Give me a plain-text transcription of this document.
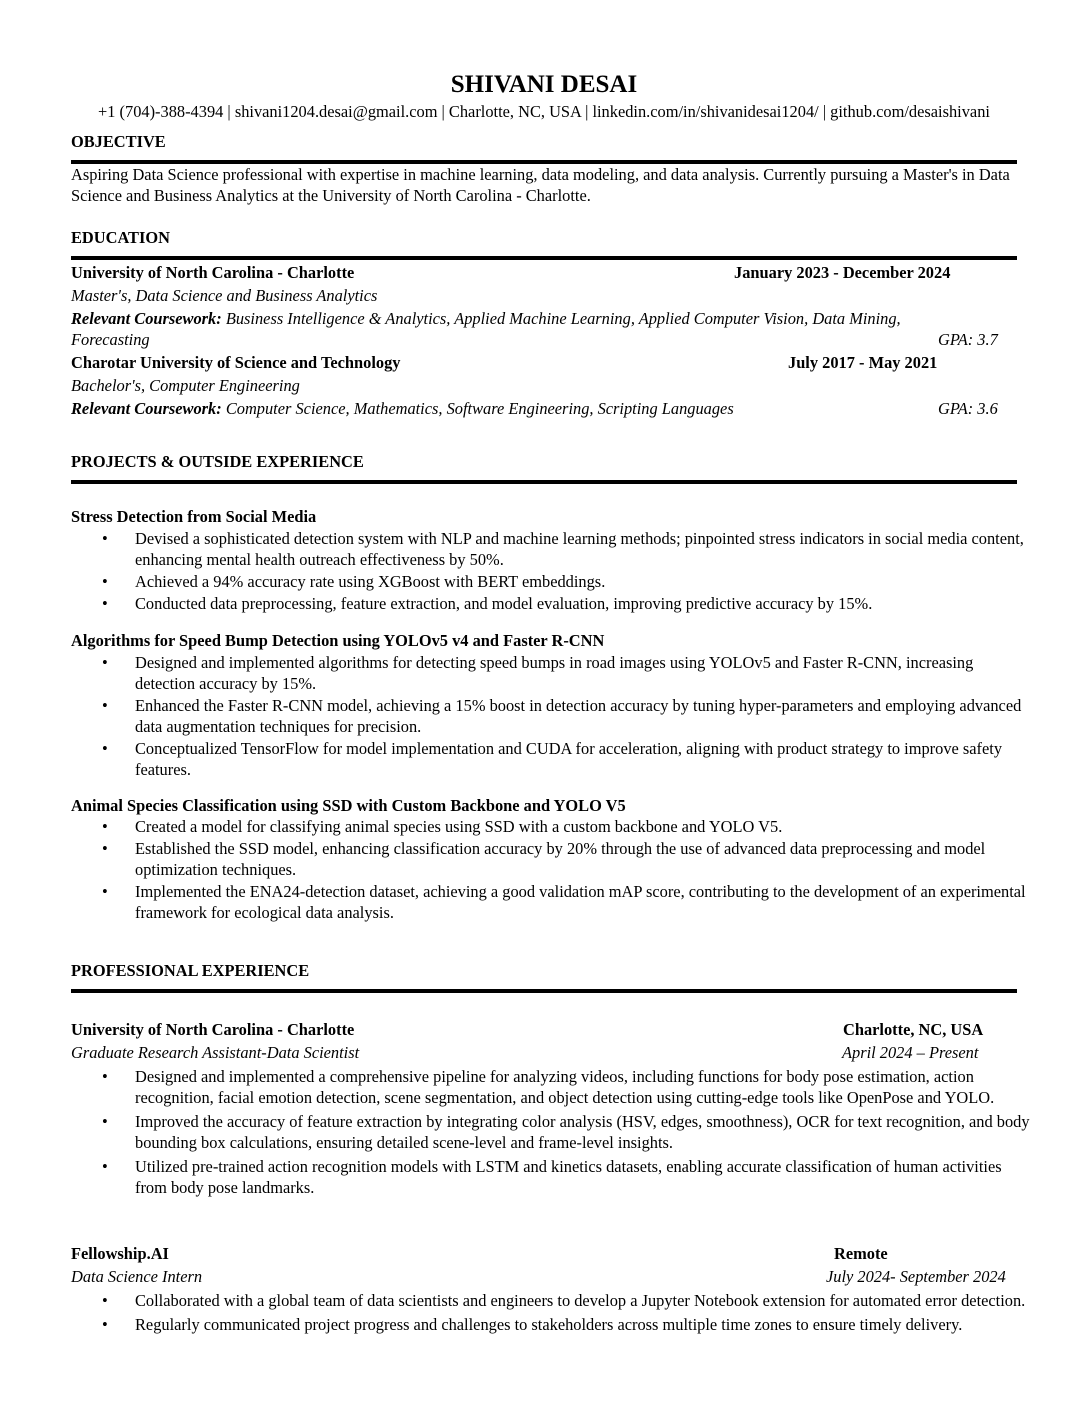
SHIVANI DESAI
+1 (704)-388-4394 | shivani1204.desai@gmail.com | Charlotte, NC, USA | linkedin.com/in/shivanidesai1204/ | github.com/desaishivani
OBJECTIVE
Aspiring Data Science professional with expertise in machine learning, data modeling, and data analysis. Currently pursuing a Master's in Data Science and Business Analytics at the University of North Carolina - Charlotte.
EDUCATION
University of North Carolina - Charlotte	January 2023 - December 2024
Master's, Data Science and Business Analytics
Relevant Coursework: Business Intelligence & Analytics, Applied Machine Learning, Applied Computer Vision, Data Mining,
Forecasting	GPA: 3.7
Charotar University of Science and Technology	July 2017 - May 2021
Bachelor's, Computer Engineering
Relevant Coursework: Computer Science, Mathematics, Software Engineering, Scripting Languages	GPA: 3.6
PROJECTS & OUTSIDE EXPERIENCE
Stress Detection from Social Media
• Devised a sophisticated detection system with NLP and machine learning methods; pinpointed stress indicators in social media content, enhancing mental health outreach effectiveness by 50%.
• Achieved a 94% accuracy rate using XGBoost with BERT embeddings.
• Conducted data preprocessing, feature extraction, and model evaluation, improving predictive accuracy by 15%.
Algorithms for Speed Bump Detection using YOLOv5 v4 and Faster R-CNN
• Designed and implemented algorithms for detecting speed bumps in road images using YOLOv5 and Faster R-CNN, increasing detection accuracy by 15%.
• Enhanced the Faster R-CNN model, achieving a 15% boost in detection accuracy by tuning hyper-parameters and employing advanced data augmentation techniques for precision.
• Conceptualized TensorFlow for model implementation and CUDA for acceleration, aligning with product strategy to improve safety features.
Animal Species Classification using SSD with Custom Backbone and YOLO V5
• Created a model for classifying animal species using SSD with a custom backbone and YOLO V5.
• Established the SSD model, enhancing classification accuracy by 20% through the use of advanced data preprocessing and model optimization techniques.
• Implemented the ENA24-detection dataset, achieving a good validation mAP score, contributing to the development of an experimental framework for ecological data analysis.
PROFESSIONAL EXPERIENCE
University of North Carolina - Charlotte	Charlotte, NC, USA
Graduate Research Assistant-Data Scientist	April 2024 – Present
• Designed and implemented a comprehensive pipeline for analyzing videos, including functions for body pose estimation, action recognition, facial emotion detection, scene segmentation, and object detection using cutting-edge tools like OpenPose and YOLO.
• Improved the accuracy of feature extraction by integrating color analysis (HSV, edges, smoothness), OCR for text recognition, and body bounding box calculations, ensuring detailed scene-level and frame-level insights.
• Utilized pre-trained action recognition models with LSTM and kinetics datasets, enabling accurate classification of human activities from body pose landmarks.
Fellowship.AI	Remote
Data Science Intern	July 2024- September 2024
• Collaborated with a global team of data scientists and engineers to develop a Jupyter Notebook extension for automated error detection.
• Regularly communicated project progress and challenges to stakeholders across multiple time zones to ensure timely delivery.
